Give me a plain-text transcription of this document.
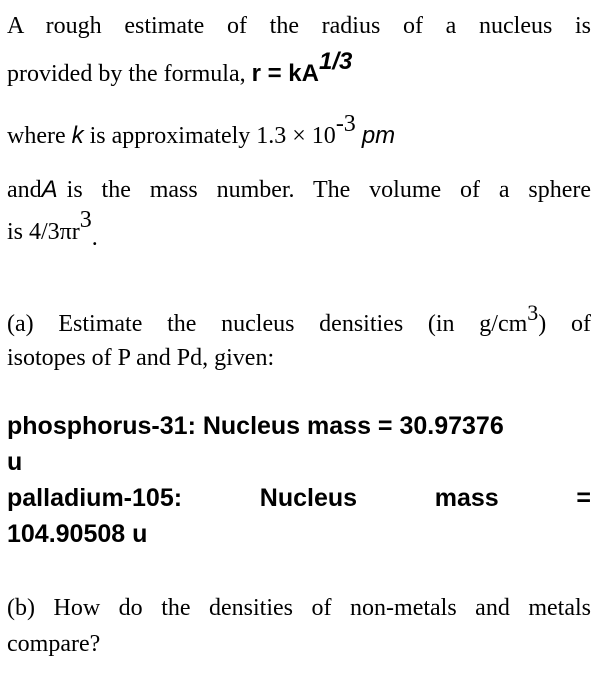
A rough estimate of the radius of a nucleus is
provided by the formula, r = kA1/3
where k is approximately 1.3 × 10-3 pm
and A is the mass number. The volume of a sphere
is 4/3πr3.
(a) Estimate the nucleus densities (in g/cm3) of
isotopes of P and Pd, given:
phosphorus-31: Nucleus mass = 30.97376
u
palladium-105:	Nucleus	mass	=
104.90508 u
(b) How do the densities of non-metals and metals
compare?
